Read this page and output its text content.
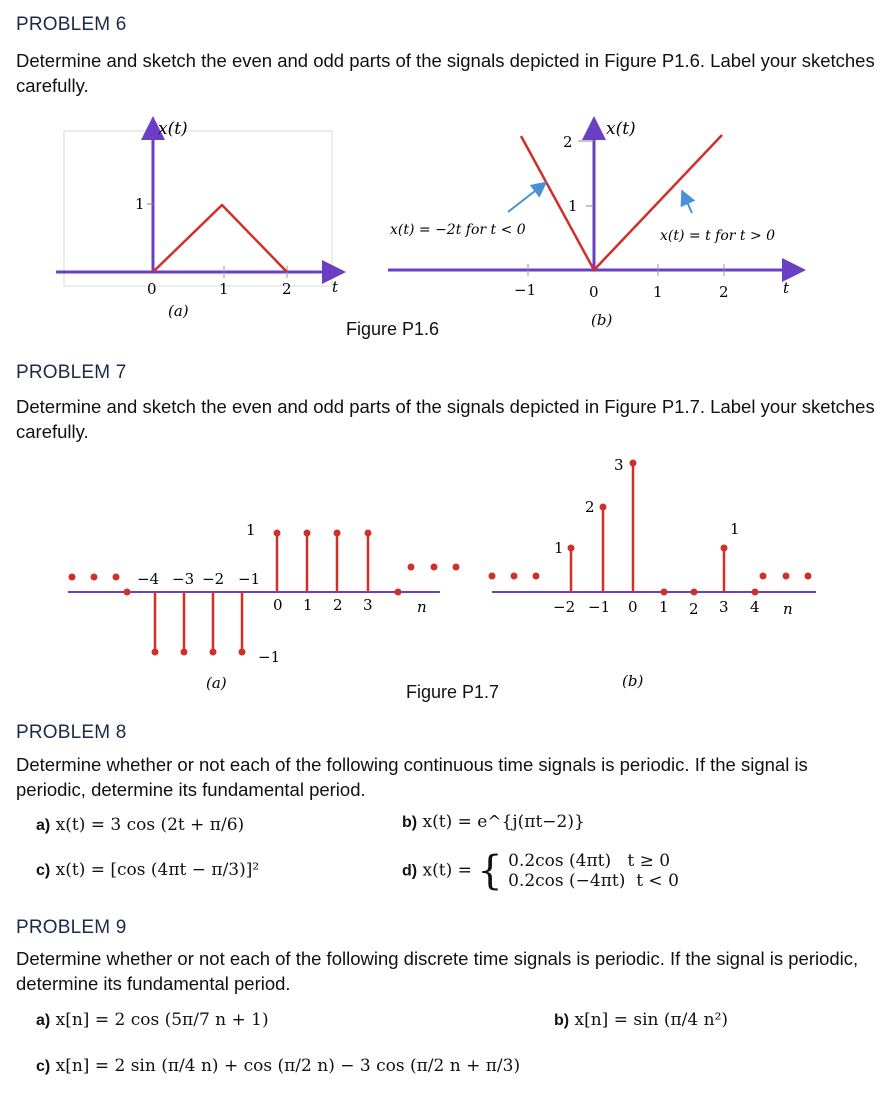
PROBLEM 6
Determine and sketch the even and odd parts of the signals depicted in Figure P1.6. Label your sketches carefully.
x(t)
1
0	1	2	t
(a)
x(t)
2
1
x(t) = −2t for t < 0	x(t) = t for t > 0
−1	0	1	2	t
(b)
Figure P1.6
PROBLEM 7
Determine and sketch the even and odd parts of the signals depicted in Figure P1.7. Label your sketches carefully.
1
−1
−4 −3 −2 −1
0 1 2 3	n
(a)
1
2
3
1
−2 −1 0 1 2 3 4 n
(b)
Figure P1.7
PROBLEM 8
Determine whether or not each of the following continuous time signals is periodic. If the signal is periodic, determine its fundamental period.
a) x(t) = 3 cos (2t + π/6)	b) x(t) = e^{j(πt−2)}
c) x(t) = [cos (4πt − π/3)]²	d) x(t) = { 0.2cos (4πt) t ≥ 0
0.2cos (−4πt) t < 0
PROBLEM 9
Determine whether or not each of the following discrete time signals is periodic. If the signal is periodic, determine its fundamental period.
a) x[n] = 2 cos (5π/7 n + 1)	b) x[n] = sin (π/4 n²)
c) x[n] = 2 sin (π/4 n) + cos (π/2 n) − 3 cos (π/2 n + π/3)
